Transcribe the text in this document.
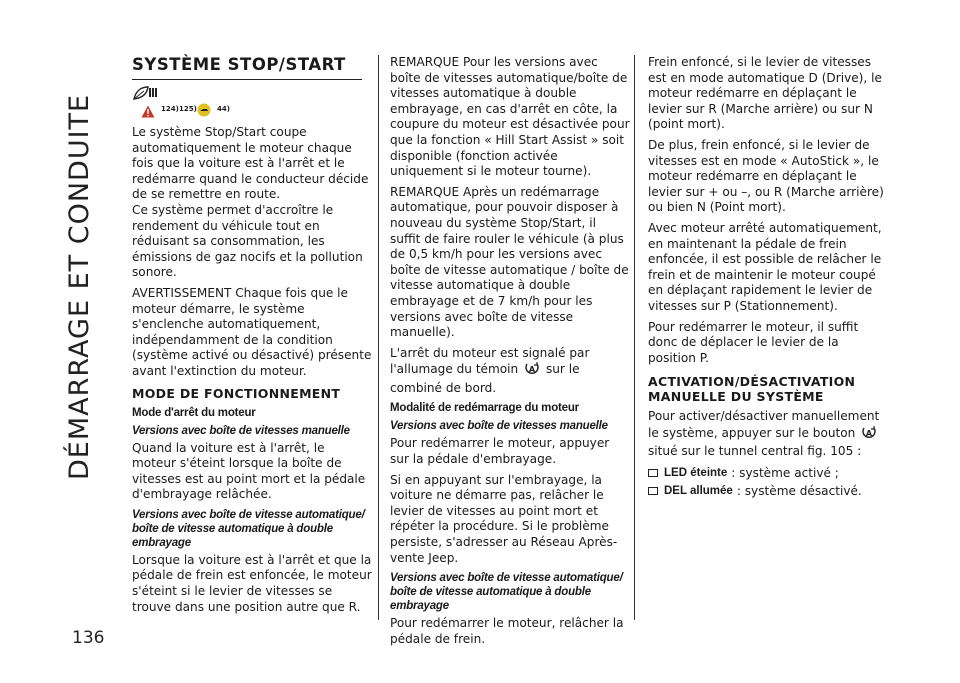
DÉMARRAGE ET CONDUITE
136
SYSTÈME STOP/START
124) 125)	44)

Le système Stop/Start coupe automatiquement le moteur chaque fois que la voiture est à l'arrêt et le redémarre quand le conducteur décide de se remettre en route.

Ce système permet d'accroître le rendement du véhicule tout en réduisant sa consommation, les émissions de gaz nocifs et la pollution sonore.

AVERTISSEMENT Chaque fois que le moteur démarre, le système s'enclenche automatiquement, indépendamment de la condition (système activé ou désactivé) présente avant l'extinction du moteur.

MODE DE FONCTIONNEMENT
Mode d'arrêt du moteur
Versions avec boîte de vitesses manuelle

Quand la voiture est à l'arrêt, le moteur s'éteint lorsque la boîte de vitesses est au point mort et la pédale d'embrayage relâchée.

Versions avec boîte de vitesse automatique/ boîte de vitesse automatique à double embrayage

Lorsque la voiture est à l'arrêt et que la pédale de frein est enfoncée, le moteur s'éteint si le levier de vitesses se trouve dans une position autre que R.

REMARQUE Pour les versions avec boîte de vitesses automatique/boîte de vitesses automatique à double embrayage, en cas d'arrêt en côte, la coupure du moteur est désactivée pour que la fonction « Hill Start Assist » soit disponible (fonction activée uniquement si le moteur tourne).

REMARQUE Après un redémarrage automatique, pour pouvoir disposer à nouveau du système Stop/Start, il suffit de faire rouler le véhicule (à plus de 0,5 km/h pour les versions avec boîte de vitesse automatique / boîte de vitesse automatique à double embrayage et de 7 km/h pour les versions avec boîte de vitesse manuelle).

L'arrêt du moteur est signalé par l'allumage du témoin A sur le combiné de bord.

Modalité de redémarrage du moteur
Versions avec boîte de vitesses manuelle

Pour redémarrer le moteur, appuyer sur la pédale d'embrayage.

Si en appuyant sur l'embrayage, la voiture ne démarre pas, relâcher le levier de vitesses au point mort et répéter la procédure. Si le problème persiste, s'adresser au Réseau Après-vente Jeep.

Versions avec boîte de vitesse automatique/ boîte de vitesse automatique à double embrayage

Pour redémarrer le moteur, relâcher la pédale de frein.

Frein enfoncé, si le levier de vitesses est en mode automatique D (Drive), le moteur redémarre en déplaçant le levier sur R (Marche arrière) ou sur N (point mort).

De plus, frein enfoncé, si le levier de vitesses est en mode « AutoStick », le moteur redémarre en déplaçant le levier sur + ou –, ou R (Marche arrière) ou bien N (Point mort).

Avec moteur arrêté automatiquement, en maintenant la pédale de frein enfoncée, il est possible de relâcher le frein et de maintenir le moteur coupé en déplaçant rapidement le levier de vitesses sur P (Stationnement).

Pour redémarrer le moteur, il suffit donc de déplacer le levier de la position P.

ACTIVATION/DÉSACTIVATION MANUELLE DU SYSTÈME

Pour activer/désactiver manuellement le système, appuyer sur le bouton A
situé sur le tunnel central fig. 105 :

LED éteinte : système activé ;
DEL allumée : système désactivé.
